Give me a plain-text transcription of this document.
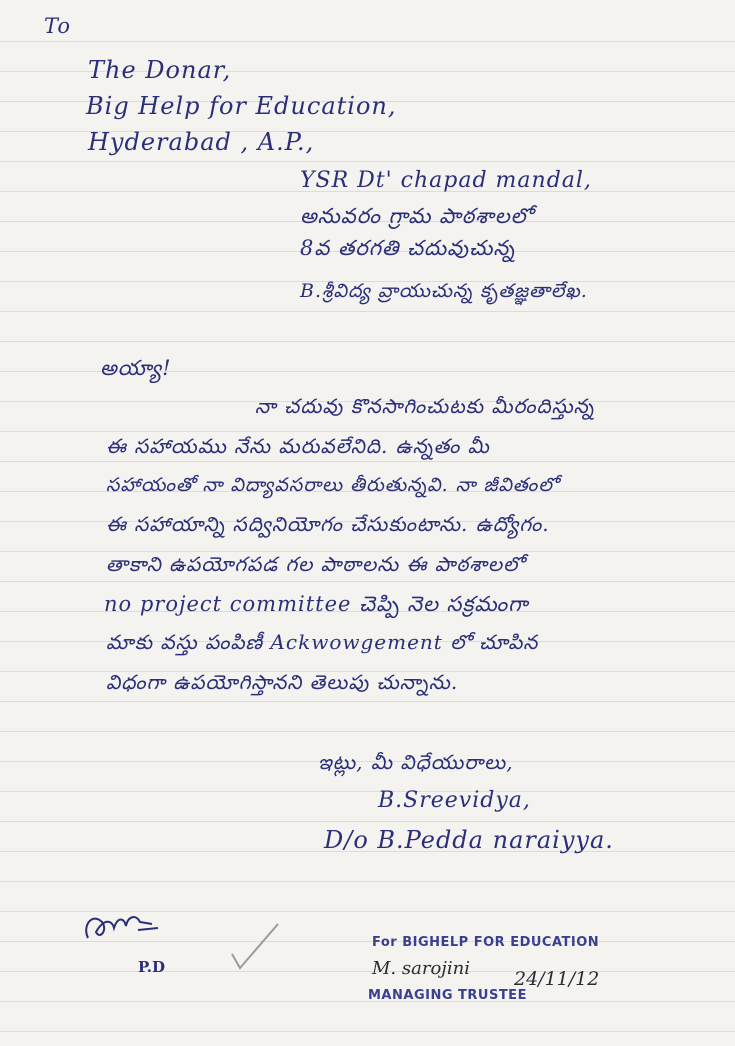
To
The Donar,
Big Help for Education,
Hyderabad , A.P.,
YSR Dt' chapad mandal,
అనువరం గ్రామ పాఠశాలలో
8వ తరగతి చదువుచున్న
B.శ్రీవిద్య వ్రాయుచున్న కృతజ్ఞతాలేఖ.
అయ్యా!
నా చదువు కొనసాగించుటకు మీరందిస్తున్న
ఈ సహాయము నేను మరువలేనిది. ఉన్నతం మీ
సహాయంతో నా విద్యావసరాలు తీరుతున్నవి. నా జీవితంలో
ఈ సహాయాన్ని సద్వినియోగం చేసుకుంటాను. ఉద్యోగం.
తాకాని ఉపయోగపడ గల పాఠాలను ఈ పాఠశాలలో
no project committee చెప్పి నెల సక్రమంగా
మాకు వస్తు పంపిణీ Ackwowgement లో చూపిన
విధంగా ఉపయోగిస్తానని తెలుపు చున్నాను.
ఇట్లు, మీ విధేయురాలు,
B.Sreevidya,
D/o B.Pedda naraiyya.
P.D
For BIGHELP FOR EDUCATION
M. sarojini 24/11/12
MANAGING TRUSTEE
